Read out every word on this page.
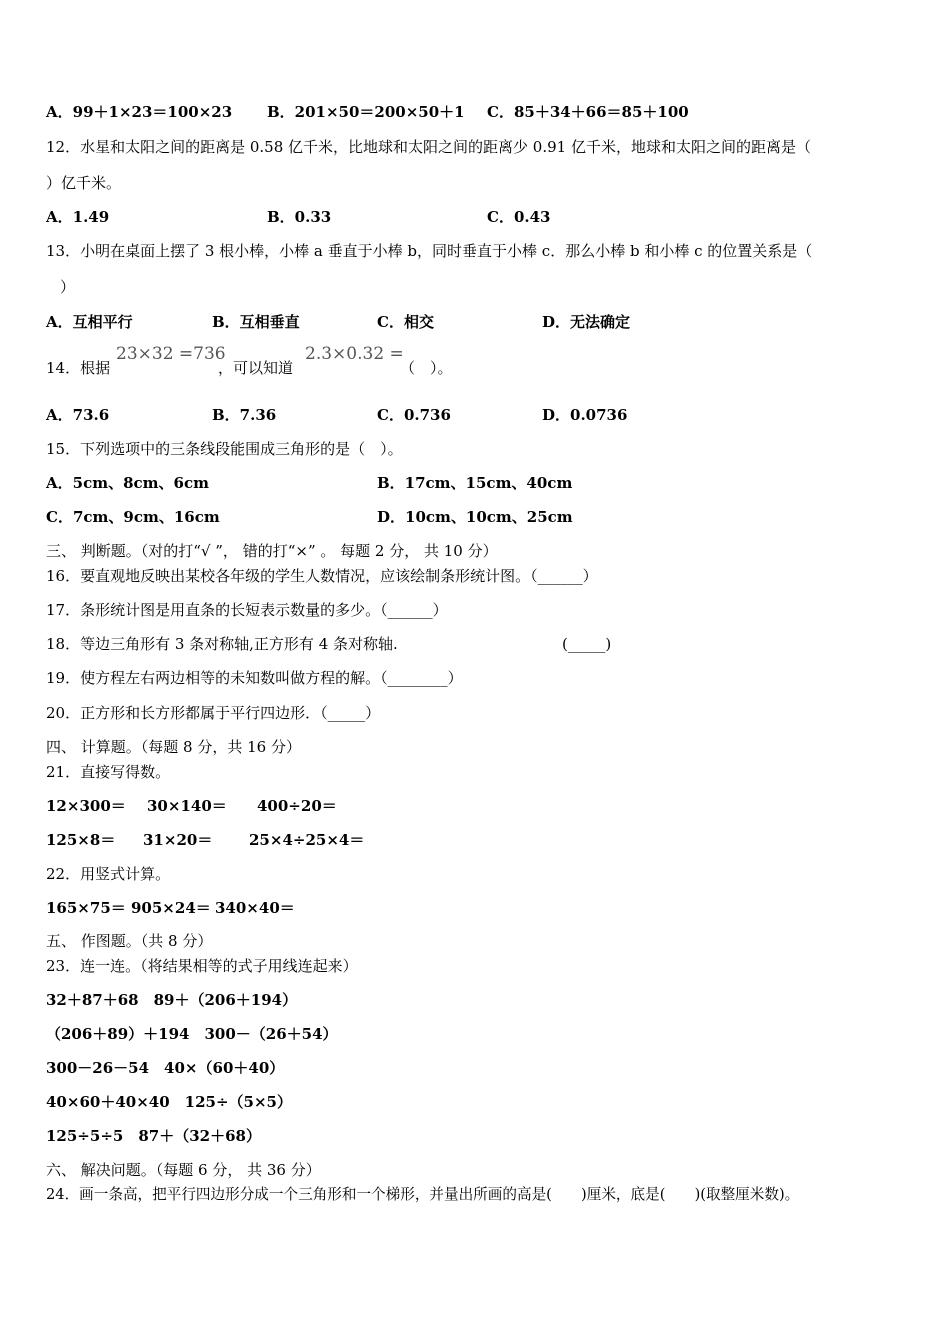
A．99＋1×23＝100×23 B．201×50＝200×50＋1 C．85＋34＋66＝85＋100
12．水星和太阳之间的距离是 0.58 亿千米，比地球和太阳之间的距离少 0.91 亿千米，地球和太阳之间的距离是（
）亿千米。
A．1.49	B．0.33	C．0.43
13．小明在桌面上摆了 3 根小棒，小棒 a 垂直于小棒 b，同时垂直于小棒 c．那么小棒 b 和小棒 c 的位置关系是（
）
A．互相平行	B．互相垂直	C．相交	D．无法确定
14．根据
23×32 =736
，可以知道
2.3×0.32 =
（　）。
A．73.6	B．7.36	C．0.736	D．0.0736
15．下列选项中的三条线段能围成三角形的是（　）。
A．5cm、8cm、6cm	B．17cm、15cm、40cm
C．7cm、9cm、16cm	D．10cm、10cm、25cm
三、 判断题。（对的打“√ ”， 错的打“×” 。 每题 2 分， 共 10 分）
16．要直观地反映出某校各年级的学生人数情况，应该绘制条形统计图。（______）
17．条形统计图是用直条的长短表示数量的多少。（______）
18．等边三角形有 3 条对称轴,正方形有 4 条对称轴.	(_____)
19．使方程左右两边相等的未知数叫做方程的解。（________）
20．正方形和长方形都属于平行四边形．（_____）
四、 计算题。（每题 8 分，共 16 分）
21．直接写得数。
12×300＝ 30×140＝ 400÷20＝
125×8＝ 31×20＝ 25×4÷25×4＝
22．用竖式计算。
165×75＝ 905×24＝ 340×40＝
五、 作图题。（共 8 分）
23．连一连。（将结果相等的式子用线连起来）
32＋87＋68　89＋（206＋194）
（206＋89）＋194　300－（26＋54）
300－26－54　40×（60＋40）
40×60＋40×40　125÷（5×5）
125÷5÷5　87＋（32＋68）
六、 解决问题。（每题 6 分， 共 36 分）
24．画一条高，把平行四边形分成一个三角形和一个梯形，并量出所画的高是(　　)厘米，底是(　　)(取整厘米数)。
